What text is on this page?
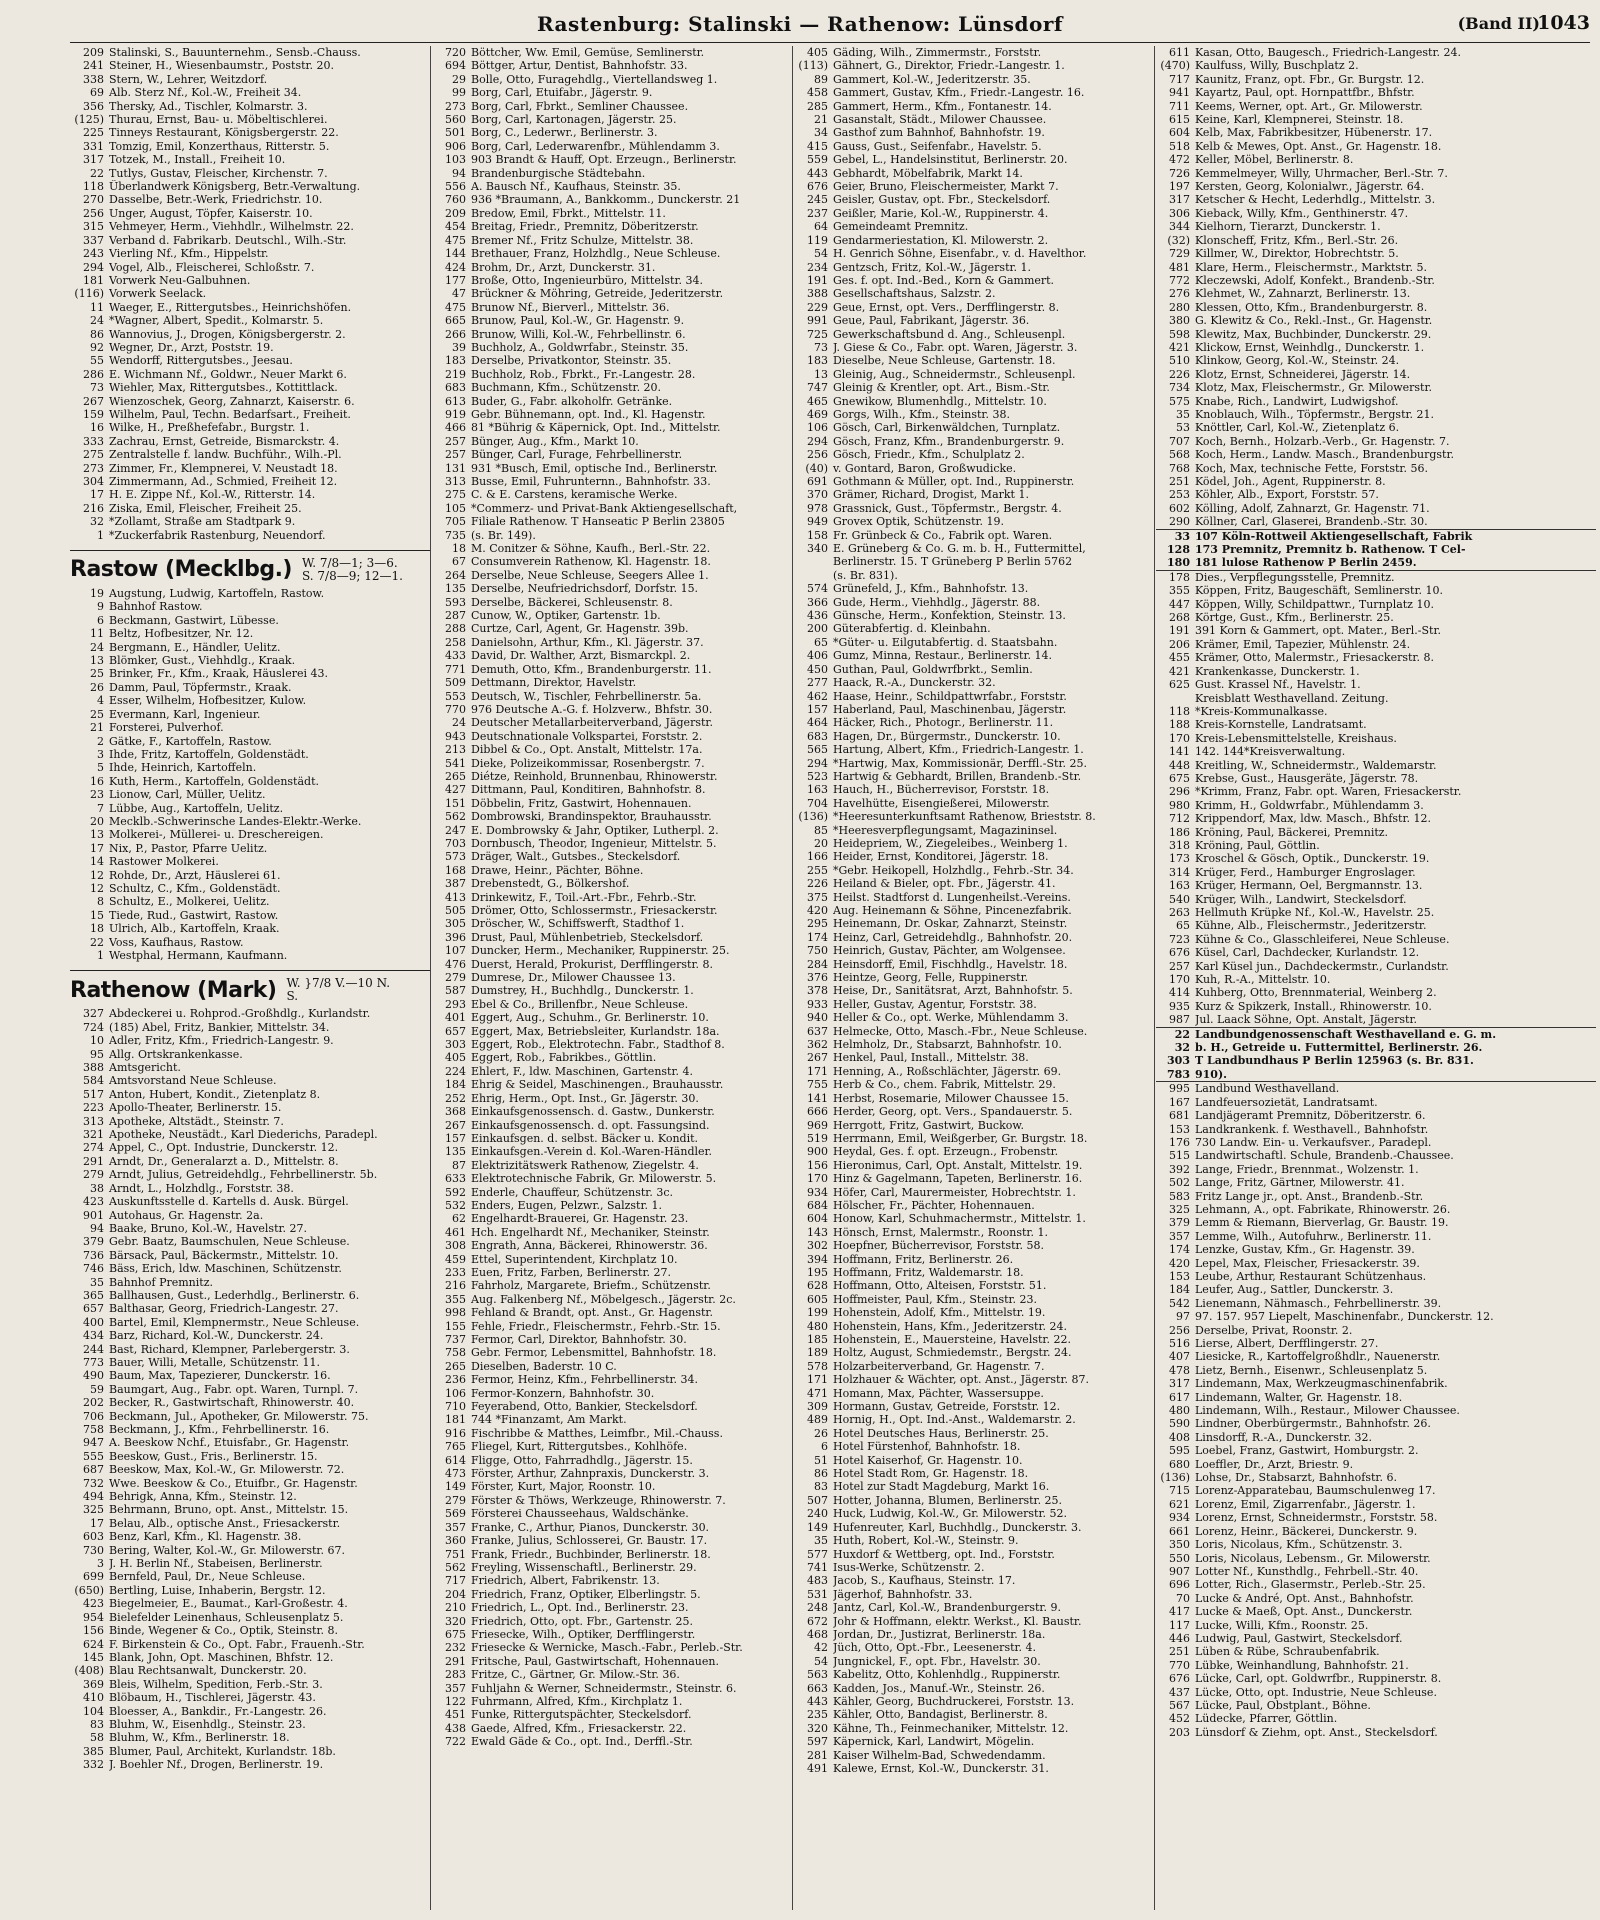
Rastenburg: Stalinski — Rathenow: Lünsdorf	(Band II)
1043
209 Stalinski, S., Bauunternehm., Sensb.-Chauss.
241 Steiner, H., Wiesenbaumstr., Poststr. 20.
338 Stern, W., Lehrer, Weitzdorf.
69 Alb. Sterz Nf., Kol.-W., Freiheit 34.
356 Thersky, Ad., Tischler, Kolmarstr. 3.
(125) Thurau, Ernst, Bau- u. Möbeltischlerei.
225 Tinneys Restaurant, Königsbergerstr. 22.
331 Tomzig, Emil, Konzerthaus, Ritterstr. 5.
317 Totzek, M., Install., Freiheit 10.
22 Tutlys, Gustav, Fleischer, Kirchenstr. 7.
118 Überlandwerk Königsberg, Betr.-Verwaltung.
270 Dasselbe, Betr.-Werk, Friedrichstr. 10.
256 Unger, August, Töpfer, Kaiserstr. 10.
315 Vehmeyer, Herm., Viehhdlr., Wilhelmstr. 22.
337 Verband d. Fabrikarb. Deutschl., Wilh.-Str.
243 Vierling Nf., Kfm., Hippelstr.
294 Vogel, Alb., Fleischerei, Schloßstr. 7.
181 Vorwerk Neu-Galbuhnen.
(116) Vorwerk Seelack.
11 Waeger, E., Rittergutsbes., Heinrichshöfen.
24 *Wagner, Albert, Spedit., Kolmarstr. 5.
86 Wannovius, J., Drogen, Königsbergerstr. 2.
92 Wegner, Dr., Arzt, Poststr. 19.
55 Wendorff, Rittergutsbes., Jeesau.
286 E. Wichmann Nf., Goldwr., Neuer Markt 6.
73 Wiehler, Max, Rittergutsbes., Kottittlack.
267 Wienzoschek, Georg, Zahnarzt, Kaiserstr. 6.
159 Wilhelm, Paul, Techn. Bedarfsart., Freiheit.
16 Wilke, H., Preßhefefabr., Burgstr. 1.
333 Zachrau, Ernst, Getreide, Bismarckstr. 4.
275 Zentralstelle f. landw. Buchführ., Wilh.-Pl.
273 Zimmer, Fr., Klempnerei, V. Neustadt 18.
304 Zimmermann, Ad., Schmied, Freiheit 12.
17 H. E. Zippe Nf., Kol.-W., Ritterstr. 14.
216 Ziska, Emil, Fleischer, Freiheit 25.
32 *Zollamt, Straße am Stadtpark 9.
1 *Zuckerfabrik Rastenburg, Neuendorf.
Rastow (Mecklbg.) W. 7/8—1; 3—6.
S. 7/8—9; 12—1.
19 Augstung, Ludwig, Kartoffeln, Rastow.
9 Bahnhof Rastow.
6 Beckmann, Gastwirt, Lübesse.
11 Beltz, Hofbesitzer, Nr. 12.
24 Bergmann, E., Händler, Uelitz.
13 Blömker, Gust., Viehhdlg., Kraak.
25 Brinker, Fr., Kfm., Kraak, Häuslerei 43.
26 Damm, Paul, Töpfermstr., Kraak.
4 Esser, Wilhelm, Hofbesitzer, Kulow.
25 Evermann, Karl, Ingenieur.
21 Forsterei, Pulverhof.
2 Gätke, F., Kartoffeln, Rastow.
3 Ihde, Fritz, Kartoffeln, Goldenstädt.
5 Ihde, Heinrich, Kartoffeln.
16 Kuth, Herm., Kartoffeln, Goldenstädt.
23 Lionow, Carl, Müller, Uelitz.
7 Lübbe, Aug., Kartoffeln, Uelitz.
20 Mecklb.-Schwerinsche Landes-Elektr.-Werke.
13 Molkerei-, Müllerei- u. Dreschereigen.
17 Nix, P., Pastor, Pfarre Uelitz.
14 Rastower Molkerei.
12 Rohde, Dr., Arzt, Häuslerei 61.
12 Schultz, C., Kfm., Goldenstädt.
8 Schultz, E., Molkerei, Uelitz.
15 Tiede, Rud., Gastwirt, Rastow.
18 Ulrich, Alb., Kartoffeln, Kraak.
22 Voss, Kaufhaus, Rastow.
1 Westphal, Hermann, Kaufmann.
Rathenow (Mark) W. }7/8 V.—10 N.
S.
327 Abdeckerei u. Rohprod.-Großhdlg., Kurlandstr.
724 (185) Abel, Fritz, Bankier, Mittelstr. 34.
10 Adler, Fritz, Kfm., Friedrich-Langestr. 9.
95 Allg. Ortskrankenkasse.
388 Amtsgericht.
584 Amtsvorstand Neue Schleuse.
517 Anton, Hubert, Kondit., Zietenplatz 8.
223 Apollo-Theater, Berlinerstr. 15.
313 Apotheke, Altstädt., Steinstr. 7.
321 Apotheke, Neustädt., Karl Diederichs, Paradepl.
274 Appel, C., Opt. Industrie, Dunckerstr. 12.
291 Arndt, Dr., Generalarzt a. D., Mittelstr. 8.
279 Arndt, Julius, Getreidehdlg., Fehrbellinerstr. 5b.
38 Arndt, L., Holzhdlg., Forststr. 38.
423 Auskunftsstelle d. Kartells d. Ausk. Bürgel.
901 Autohaus, Gr. Hagenstr. 2a.
94 Baake, Bruno, Kol.-W., Havelstr. 27.
379 Gebr. Baatz, Baumschulen, Neue Schleuse.
736 Bärsack, Paul, Bäckermstr., Mittelstr. 10.
746 Bäss, Erich, ldw. Maschinen, Schützenstr.
35 Bahnhof Premnitz.
365 Ballhausen, Gust., Lederhdlg., Berlinerstr. 6.
657 Balthasar, Georg, Friedrich-Langestr. 27.
400 Bartel, Emil, Klempnermstr., Neue Schleuse.
434 Barz, Richard, Kol.-W., Dunckerstr. 24.
244 Bast, Richard, Klempner, Parlebergerstr. 3.
773 Bauer, Willi, Metalle, Schützenstr. 11.
490 Baum, Max, Tapezierer, Dunckerstr. 16.
59 Baumgart, Aug., Fabr. opt. Waren, Turnpl. 7.
202 Becker, R., Gastwirtschaft, Rhinowerstr. 40.
706 Beckmann, Jul., Apotheker, Gr. Milowerstr. 75.
758 Beckmann, J., Kfm., Fehrbellinerstr. 16.
947 A. Beeskow Nchf., Etuisfabr., Gr. Hagenstr.
555 Beeskow, Gust., Fris., Berlinerstr. 15.
687 Beeskow, Max, Kol.-W., Gr. Milowerstr. 72.
732 Wwe. Beeskow & Co., Etuifbr., Gr. Hagenstr.
494 Behrigk, Anna, Kfm., Steinstr. 12.
325 Behrmann, Bruno, opt. Anst., Mittelstr. 15.
17 Belau, Alb., optische Anst., Friesackerstr.
603 Benz, Karl, Kfm., Kl. Hagenstr. 38.
730 Bering, Walter, Kol.-W., Gr. Milowerstr. 67.
3 J. H. Berlin Nf., Stabeisen, Berlinerstr.
699 Bernfeld, Paul, Dr., Neue Schleuse.
(650) Bertling, Luise, Inhaberin, Bergstr. 12.
423 Biegelmeier, E., Baumat., Karl-Großestr. 4.
954 Bielefelder Leinenhaus, Schleusenplatz 5.
156 Binde, Wegener & Co., Optik, Steinstr. 8.
624 F. Birkenstein & Co., Opt. Fabr., Frauenh.-Str.
145 Blank, John, Opt. Maschinen, Bhfstr. 12.
(408) Blau Rechtsanwalt, Dunckerstr. 20.
369 Bleis, Wilhelm, Spedition, Ferb.-Str. 3.
410 Blöbaum, H., Tischlerei, Jägerstr. 43.
104 Bloesser, A., Bankdir., Fr.-Langestr. 26.
83 Bluhm, W., Eisenhdlg., Steinstr. 23.
58 Bluhm, W., Kfm., Berlinerstr. 18.
385 Blumer, Paul, Architekt, Kurlandstr. 18b.
332 J. Boehler Nf., Drogen, Berlinerstr. 19.
720 Böttcher, Ww. Emil, Gemüse, Semlinerstr.
694 Böttger, Artur, Dentist, Bahnhofstr. 33.
29 Bolle, Otto, Furagehdlg., Viertellandsweg 1.
99 Borg, Carl, Etuifabr., Jägerstr. 9.
273 Borg, Carl, Fbrkt., Semliner Chaussee.
560 Borg, Carl, Kartonagen, Jägerstr. 25.
501 Borg, C., Lederwr., Berlinerstr. 3.
906 Borg, Carl, Lederwarenfbr., Mühlendamm 3.
103 903 Brandt & Hauff, Opt. Erzeugn., Berlinerstr.
94 Brandenburgische Städtebahn.
556 A. Bausch Nf., Kaufhaus, Steinstr. 35.
760 936 *Braumann, A., Bankkomm., Dunckerstr. 21
209 Bredow, Emil, Fbrkt., Mittelstr. 11.
454 Breitag, Friedr., Premnitz, Döberitzerstr.
475 Bremer Nf., Fritz Schulze, Mittelstr. 38.
144 Brethauer, Franz, Holzhdlg., Neue Schleuse.
424 Brohm, Dr., Arzt, Dunckerstr. 31.
177 Broße, Otto, Ingenieurbüro, Mittelstr. 34.
47 Brückner & Möhring, Getreide, Jederitzerstr.
475 Brunow Nf., Bierverl., Mittelstr. 36.
665 Brunow, Paul, Kol.-W., Gr. Hagenstr. 9.
266 Brunow, Willi, Kol.-W., Fehrbellinstr. 6.
39 Buchholz, A., Goldwrfabr., Steinstr. 35.
183 Derselbe, Privatkontor, Steinstr. 35.
219 Buchholz, Rob., Fbrkt., Fr.-Langestr. 28.
683 Buchmann, Kfm., Schützenstr. 20.
613 Buder, G., Fabr. alkoholfr. Getränke.
919 Gebr. Bühnemann, opt. Ind., Kl. Hagenstr.
466 81 *Bührig & Käpernick, Opt. Ind., Mittelstr.
257 Bünger, Aug., Kfm., Markt 10.
257 Bünger, Carl, Furage, Fehrbellinerstr.
131 931 *Busch, Emil, optische Ind., Berlinerstr.
313 Busse, Emil, Fuhrunternn., Bahnhofstr. 33.
275 C. & E. Carstens, keramische Werke.
105 *Commerz- und Privat-Bank Aktiengesellschaft,
705 Filiale Rathenow. T Hanseatic P Berlin 23805
735 (s. Br. 149).
18 M. Conitzer & Söhne, Kaufh., Berl.-Str. 22.
67 Consumverein Rathenow, Kl. Hagenstr. 18.
264 Derselbe, Neue Schleuse, Seegers Allee 1.
135 Derselbe, Neufriedrichsdorf, Dorfstr. 15.
593 Derselbe, Bäckerei, Schleusenstr. 8.
287 Cunow, W., Optiker, Gartenstr. 1b.
288 Curtze, Carl, Agent, Gr. Hagenstr. 39b.
258 Danielsohn, Arthur, Kfm., Kl. Jägerstr. 37.
433 David, Dr. Walther, Arzt, Bismarckpl. 2.
771 Demuth, Otto, Kfm., Brandenburgerstr. 11.
509 Dettmann, Direktor, Havelstr.
553 Deutsch, W., Tischler, Fehrbellinerstr. 5a.
770 976 Deutsche A.-G. f. Holzverw., Bhfstr. 30.
24 Deutscher Metallarbeiterverband, Jägerstr.
943 Deutschnationale Volkspartei, Forststr. 2.
213 Dibbel & Co., Opt. Anstalt, Mittelstr. 17a.
541 Dieke, Polizeikommissar, Rosenbergstr. 7.
265 Diétze, Reinhold, Brunnenbau, Rhinowerstr.
427 Dittmann, Paul, Konditiren, Bahnhofstr. 8.
151 Döbbelin, Fritz, Gastwirt, Hohennauen.
562 Dombrowski, Brandinspektor, Brauhausstr.
247 E. Dombrowsky & Jahr, Optiker, Lutherpl. 2.
703 Dornbusch, Theodor, Ingenieur, Mittelstr. 5.
573 Dräger, Walt., Gutsbes., Steckelsdorf.
168 Drawe, Heinr., Pächter, Böhne.
387 Drebenstedt, G., Bölkershof.
413 Drinkewitz, F., Toil.-Art.-Fbr., Fehrb.-Str.
505 Drömer, Otto, Schlossermstr., Friesackerstr.
305 Dröscher, W., Schiffswerft, Stadthof 1.
396 Drust, Paul, Mühlenbetrieb, Steckelsdorf.
107 Duncker, Herm., Mechaniker, Ruppinerstr. 25.
476 Duerst, Herald, Prokurist, Derfflingerstr. 8.
279 Dumrese, Dr., Milower Chaussee 13.
587 Dumstrey, H., Buchhdlg., Dunckerstr. 1.
293 Ebel & Co., Brillenfbr., Neue Schleuse.
401 Eggert, Aug., Schuhm., Gr. Berlinerstr. 10.
657 Eggert, Max, Betriebsleiter, Kurlandstr. 18a.
303 Eggert, Rob., Elektrotechn. Fabr., Stadthof 8.
405 Eggert, Rob., Fabrikbes., Göttlin.
224 Ehlert, F., ldw. Maschinen, Gartenstr. 4.
184 Ehrig & Seidel, Maschinengen., Brauhausstr.
252 Ehrig, Herm., Opt. Inst., Gr. Jägerstr. 30.
368 Einkaufsgenossensch. d. Gastw., Dunkerstr.
267 Einkaufsgenossensch. d. opt. Fassungsind.
157 Einkaufsgen. d. selbst. Bäcker u. Kondit.
135 Einkaufsgen.-Verein d. Kol.-Waren-Händler.
87 Elektrizitätswerk Rathenow, Ziegelstr. 4.
633 Elektrotechnische Fabrik, Gr. Milowerstr. 5.
592 Enderle, Chauffeur, Schützenstr. 3c.
532 Enders, Eugen, Pelzwr., Salzstr. 1.
62 Engelhardt-Brauerei, Gr. Hagenstr. 23.
461 Hch. Engelhardt Nf., Mechaniker, Steinstr.
308 Engrath, Anna, Bäckerei, Rhinowerstr. 36.
459 Ettel, Superintendent, Kirchplatz 10.
233 Euen, Fritz, Farben, Berlinerstr. 27.
216 Fahrholz, Margarete, Briefm., Schützenstr.
355 Aug. Falkenberg Nf., Möbelgesch., Jägerstr. 2c.
998 Fehland & Brandt, opt. Anst., Gr. Hagenstr.
155 Fehle, Friedr., Fleischermstr., Fehrb.-Str. 15.
737 Fermor, Carl, Direktor, Bahnhofstr. 30.
758 Gebr. Fermor, Lebensmittel, Bahnhofstr. 18.
265 Dieselben, Baderstr. 10 C.
236 Fermor, Heinz, Kfm., Fehrbellinerstr. 34.
106 Fermor-Konzern, Bahnhofstr. 30.
710 Feyerabend, Otto, Bankier, Steckelsdorf.
181 744 *Finanzamt, Am Markt.
916 Fischribbe & Matthes, Leimfbr., Mil.-Chauss.
765 Fliegel, Kurt, Rittergutsbes., Kohlhöfe.
614 Fligge, Otto, Fahrradhdlg., Jägerstr. 15.
473 Förster, Arthur, Zahnpraxis, Dunckerstr. 3.
149 Förster, Kurt, Major, Roonstr. 10.
279 Förster & Thöws, Werkzeuge, Rhinowerstr. 7.
569 Försterei Chausseehaus, Waldschänke.
357 Franke, C., Arthur, Pianos, Dunckerstr. 30.
360 Franke, Julius, Schlosserei, Gr. Baustr. 17.
751 Frank, Friedr., Buchbinder, Berlinerstr. 18.
562 Freyling, Wissenschaftl., Berlinerstr. 29.
717 Friedrich, Albert, Fabrikenstr. 13.
204 Friedrich, Franz, Optiker, Elberlingstr. 5.
210 Friedrich, L., Opt. Ind., Berlinerstr. 23.
320 Friedrich, Otto, opt. Fbr., Gartenstr. 25.
675 Friesecke, Wilh., Optiker, Derfflingerstr.
232 Friesecke & Wernicke, Masch.-Fabr., Perleb.-Str.
291 Fritsche, Paul, Gastwirtschaft, Hohennauen.
283 Fritze, C., Gärtner, Gr. Milow.-Str. 36.
357 Fuhljahn & Werner, Schneidermstr., Steinstr. 6.
122 Fuhrmann, Alfred, Kfm., Kirchplatz 1.
451 Funke, Rittergutspächter, Steckelsdorf.
438 Gaede, Alfred, Kfm., Friesackerstr. 22.
722 Ewald Gäde & Co., opt. Ind., Derffl.-Str.
405 Gäding, Wilh., Zimmermstr., Forststr.
(113) Gähnert, G., Direktor, Friedr.-Langestr. 1.
89 Gammert, Kol.-W., Jederitzerstr. 35.
458 Gammert, Gustav, Kfm., Friedr.-Langestr. 16.
285 Gammert, Herm., Kfm., Fontanestr. 14.
21 Gasanstalt, Städt., Milower Chaussee.
34 Gasthof zum Bahnhof, Bahnhofstr. 19.
415 Gauss, Gust., Seifenfabr., Havelstr. 5.
559 Gebel, L., Handelsinstitut, Berlinerstr. 20.
443 Gebhardt, Möbelfabrik, Markt 14.
676 Geier, Bruno, Fleischermeister, Markt 7.
245 Geisler, Gustav, opt. Fbr., Steckelsdorf.
237 Geißler, Marie, Kol.-W., Ruppinerstr. 4.
64 Gemeindeamt Premnitz.
119 Gendarmeriestation, Kl. Milowerstr. 2.
54 H. Genrich Söhne, Eisenfabr., v. d. Havelthor.
234 Gentzsch, Fritz, Kol.-W., Jägerstr. 1.
191 Ges. f. opt. Ind.-Bed., Korn & Gammert.
388 Gesellschaftshaus, Salzstr. 2.
229 Geue, Ernst, opt. Vers., Derfflingerstr. 8.
991 Geue, Paul, Fabrikant, Jägerstr. 36.
725 Gewerkschaftsbund d. Ang., Schleusenpl.
73 J. Giese & Co., Fabr. opt. Waren, Jägerstr. 3.
183 Dieselbe, Neue Schleuse, Gartenstr. 18.
13 Gleinig, Aug., Schneidermstr., Schleusenpl.
747 Gleinig & Krentler, opt. Art., Bism.-Str.
465 Gnewikow, Blumenhdlg., Mittelstr. 10.
469 Gorgs, Wilh., Kfm., Steinstr. 38.
106 Gösch, Carl, Birkenwäldchen, Turnplatz.
294 Gösch, Franz, Kfm., Brandenburgerstr. 9.
256 Gösch, Friedr., Kfm., Schulplatz 2.
(40) v. Gontard, Baron, Großwudicke.
691 Gothmann & Müller, opt. Ind., Ruppinerstr.
370 Grämer, Richard, Drogist, Markt 1.
978 Grassnick, Gust., Töpfermstr., Bergstr. 4.
949 Grovex Optik, Schützenstr. 19.
158 Fr. Grünbeck & Co., Fabrik opt. Waren.
340 E. Grüneberg & Co. G. m. b. H., Futtermittel,
Berlinerstr. 15. T Grüneberg P Berlin 5762
(s. Br. 831).
574 Grünefeld, J., Kfm., Bahnhofstr. 13.
366 Gude, Herm., Viehhdlg., Jägerstr. 88.
436 Günsche, Herm., Konfektion, Steinstr. 13.
200 Güterabfertig. d. Kleinbahn.
65 *Güter- u. Eilgutabfertig. d. Staatsbahn.
406 Gumz, Minna, Restaur., Berlinerstr. 14.
450 Guthan, Paul, Goldwrfbrkt., Semlin.
277 Haack, R.-A., Dunckerstr. 32.
462 Haase, Heinr., Schildpattwrfabr., Forststr.
157 Haberland, Paul, Maschinenbau, Jägerstr.
464 Häcker, Rich., Photogr., Berlinerstr. 11.
683 Hagen, Dr., Bürgermstr., Dunckerstr. 10.
565 Hartung, Albert, Kfm., Friedrich-Langestr. 1.
294 *Hartwig, Max, Kommissionär, Derffl.-Str. 25.
523 Hartwig & Gebhardt, Brillen, Brandenb.-Str.
163 Hauch, H., Bücherrevisor, Forststr. 18.
704 Havelhütte, Eisengießerei, Milowerstr.
(136) *Heeresunterkunftsamt Rathenow, Brieststr. 8.
85 *Heeresverpflegungsamt, Magazininsel.
20 Heidepriem, W., Ziegeleibes., Weinberg 1.
166 Heider, Ernst, Konditorei, Jägerstr. 18.
255 *Gebr. Heikopell, Holzhdlg., Fehrb.-Str. 34.
226 Heiland & Bieler, opt. Fbr., Jägerstr. 41.
375 Heilst. Stadtforst d. Lungenheilst.-Vereins.
420 Aug. Heinemann & Söhne, Pincenezfabrik.
295 Heinemann, Dr. Oskar, Zahnarzt, Steinstr.
174 Heinz, Carl, Getreidehdlg., Bahnhofstr. 20.
750 Heinrich, Gustav, Pächter, am Wolgensee.
284 Heinsdorff, Emil, Fischhdlg., Havelstr. 18.
376 Heintze, Georg, Felle, Ruppinerstr.
378 Heise, Dr., Sanitätsrat, Arzt, Bahnhofstr. 5.
933 Heller, Gustav, Agentur, Forststr. 38.
940 Heller & Co., opt. Werke, Mühlendamm 3.
637 Helmecke, Otto, Masch.-Fbr., Neue Schleuse.
362 Helmholz, Dr., Stabsarzt, Bahnhofstr. 10.
267 Henkel, Paul, Install., Mittelstr. 38.
171 Henning, A., Roßschlächter, Jägerstr. 69.
755 Herb & Co., chem. Fabrik, Mittelstr. 29.
141 Herbst, Rosemarie, Milower Chaussee 15.
666 Herder, Georg, opt. Vers., Spandauerstr. 5.
969 Herrgott, Fritz, Gastwirt, Buckow.
519 Herrmann, Emil, Weißgerber, Gr. Burgstr. 18.
900 Heydal, Ges. f. opt. Erzeugn., Frobenstr.
156 Hieronimus, Carl, Opt. Anstalt, Mittelstr. 19.
170 Hinz & Gagelmann, Tapeten, Berlinerstr. 16.
934 Höfer, Carl, Maurermeister, Hobrechtstr. 1.
684 Hölscher, Fr., Pächter, Hohennauen.
604 Honow, Karl, Schuhmachermstr., Mittelstr. 1.
143 Hönsch, Ernst, Malermstr., Roonstr. 1.
302 Hoepfner, Bücherrevisor, Forststr. 58.
394 Hoffmann, Fritz, Berlinerstr. 26.
195 Hoffmann, Fritz, Waldemarstr. 18.
628 Hoffmann, Otto, Alteisen, Forststr. 51.
605 Hoffmeister, Paul, Kfm., Steinstr. 23.
199 Hohenstein, Adolf, Kfm., Mittelstr. 19.
480 Hohenstein, Hans, Kfm., Jederitzerstr. 24.
185 Hohenstein, E., Mauersteine, Havelstr. 22.
189 Holtz, August, Schmiedemstr., Bergstr. 24.
578 Holzarbeiterverband, Gr. Hagenstr. 7.
171 Holzhauer & Wächter, opt. Anst., Jägerstr. 87.
471 Homann, Max, Pächter, Wassersuppe.
309 Hormann, Gustav, Getreide, Forststr. 12.
489 Hornig, H., Opt. Ind.-Anst., Waldemarstr. 2.
26 Hotel Deutsches Haus, Berlinerstr. 25.
6 Hotel Fürstenhof, Bahnhofstr. 18.
51 Hotel Kaiserhof, Gr. Hagenstr. 10.
86 Hotel Stadt Rom, Gr. Hagenstr. 18.
83 Hotel zur Stadt Magdeburg, Markt 16.
507 Hotter, Johanna, Blumen, Berlinerstr. 25.
240 Huck, Ludwig, Kol.-W., Gr. Milowerstr. 52.
149 Hufenreuter, Karl, Buchhdlg., Dunckerstr. 3.
35 Huth, Robert, Kol.-W., Steinstr. 9.
577 Huxdorf & Wettberg, opt. Ind., Forststr.
741 Isus-Werke, Schützenstr. 2.
483 Jacob, S., Kaufhaus, Steinstr. 17.
531 Jägerhof, Bahnhofstr. 33.
248 Jantz, Carl, Kol.-W., Brandenburgerstr. 9.
672 Johr & Hoffmann, elektr. Werkst., Kl. Baustr.
468 Jordan, Dr., Justizrat, Berlinerstr. 18a.
42 Jüch, Otto, Opt.-Fbr., Leesenerstr. 4.
54 Jungnickel, F., opt. Fbr., Havelstr. 30.
563 Kabelitz, Otto, Kohlenhdlg., Ruppinerstr.
663 Kadden, Jos., Manuf.-Wr., Steinstr. 26.
443 Kähler, Georg, Buchdruckerei, Forststr. 13.
235 Kähler, Otto, Bandagist, Berlinerstr. 8.
320 Kähne, Th., Feinmechaniker, Mittelstr. 12.
597 Käpernick, Karl, Landwirt, Mögelin.
281 Kaiser Wilhelm-Bad, Schwedendamm.
491 Kalewe, Ernst, Kol.-W., Dunckerstr. 31.
611 Kasan, Otto, Baugesch., Friedrich-Langestr. 24.
(470) Kaulfuss, Willy, Buschplatz 2.
717 Kaunitz, Franz, opt. Fbr., Gr. Burgstr. 12.
941 Kayartz, Paul, opt. Hornpattfbr., Bhfstr.
711 Keems, Werner, opt. Art., Gr. Milowerstr.
615 Keine, Karl, Klempnerei, Steinstr. 18.
604 Kelb, Max, Fabrikbesitzer, Hübenerstr. 17.
518 Kelb & Mewes, Opt. Anst., Gr. Hagenstr. 18.
472 Keller, Möbel, Berlinerstr. 8.
726 Kemmelmeyer, Willy, Uhrmacher, Berl.-Str. 7.
197 Kersten, Georg, Kolonialwr., Jägerstr. 64.
317 Ketscher & Hecht, Lederhdlg., Mittelstr. 3.
306 Kieback, Willy, Kfm., Genthinerstr. 47.
344 Kielhorn, Tierarzt, Dunckerstr. 1.
(32) Klonscheff, Fritz, Kfm., Berl.-Str. 26.
729 Killmer, W., Direktor, Hobrechtstr. 5.
481 Klare, Herm., Fleischermstr., Marktstr. 5.
772 Kleczewski, Adolf, Konfekt., Brandenb.-Str.
276 Klehmet, W., Zahnarzt, Berlinerstr. 13.
280 Klessen, Otto, Kfm., Brandenburgerstr. 8.
380 G. Klewitz & Co., Rekl.-Inst., Gr. Hagenstr.
598 Klewitz, Max, Buchbinder, Dunckerstr. 29.
421 Klickow, Ernst, Weinhdlg., Dunckerstr. 1.
510 Klinkow, Georg, Kol.-W., Steinstr. 24.
226 Klotz, Ernst, Schneiderei, Jägerstr. 14.
734 Klotz, Max, Fleischermstr., Gr. Milowerstr.
575 Knabe, Rich., Landwirt, Ludwigshof.
35 Knoblauch, Wilh., Töpfermstr., Bergstr. 21.
53 Knöttler, Carl, Kol.-W., Zietenplatz 6.
707 Koch, Bernh., Holzarb.-Verb., Gr. Hagenstr. 7.
568 Koch, Herm., Landw. Masch., Brandenburgstr.
768 Koch, Max, technische Fette, Forststr. 56.
251 Ködel, Joh., Agent, Ruppinerstr. 8.
253 Köhler, Alb., Export, Forststr. 57.
602 Kölling, Adolf, Zahnarzt, Gr. Hagenstr. 71.
290 Köllner, Carl, Glaserei, Brandenb.-Str. 30.
33 107 Köln-Rottweil Aktiengesellschaft, Fabrik
128 173 Premnitz, Premnitz b. Rathenow. T Cel-
180 181 lulose Rathenow P Berlin 2459.
178 Dies., Verpflegungsstelle, Premnitz.
355 Köppen, Fritz, Baugeschäft, Semlinerstr. 10.
447 Köppen, Willy, Schildpattwr., Turnplatz 10.
268 Körtge, Gust., Kfm., Berlinerstr. 25.
191 391 Korn & Gammert, opt. Mater., Berl.-Str.
206 Krämer, Emil, Tapezier, Mühlenstr. 24.
455 Krämer, Otto, Malermstr., Friesackerstr. 8.
421 Krankenkasse, Dunckerstr. 1.
625 Gust. Krassel Nf., Havelstr. 1.
Kreisblatt Westhavelland. Zeitung.
118 *Kreis-Kommunalkasse.
188 Kreis-Kornstelle, Landratsamt.
170 Kreis-Lebensmittelstelle, Kreishaus.
141 142. 144*Kreisverwaltung.
448 Kreitling, W., Schneidermstr., Waldemarstr.
675 Krebse, Gust., Hausgeräte, Jägerstr. 78.
296 *Krimm, Franz, Fabr. opt. Waren, Friesackerstr.
980 Krimm, H., Goldwrfabr., Mühlendamm 3.
712 Krippendorf, Max, ldw. Masch., Bhfstr. 12.
186 Kröning, Paul, Bäckerei, Premnitz.
318 Kröning, Paul, Göttlin.
173 Kroschel & Gösch, Optik., Dunckerstr. 19.
314 Krüger, Ferd., Hamburger Engroslager.
163 Krüger, Hermann, Oel, Bergmannstr. 13.
540 Krüger, Wilh., Landwirt, Steckelsdorf.
263 Hellmuth Krüpke Nf., Kol.-W., Havelstr. 25.
65 Kühne, Alb., Fleischermstr., Jederitzerstr.
723 Kühne & Co., Glasschleiferei, Neue Schleuse.
676 Küsel, Carl, Dachdecker, Kurlandstr. 12.
257 Karl Küsel jun., Dachdeckermstr., Curlandstr.
170 Kuh, R.-A., Mittelstr. 10.
414 Kuhberg, Otto, Brennmaterial, Weinberg 2.
935 Kurz & Spikzerk, Install., Rhinowerstr. 10.
987 Jul. Laack Söhne, Opt. Anstalt, Jägerstr.
22 Landbundgenossenschaft Westhavelland e. G. m.
32 b. H., Getreide u. Futtermittel, Berlinerstr. 26.
303 T Landbundhaus P Berlin 125963 (s. Br. 831.
783 910).
995 Landbund Westhavelland.
167 Landfeuersozietät, Landratsamt.
681 Landjägeramt Premnitz, Döberitzerstr. 6.
153 Landkrankenk. f. Westhavell., Bahnhofstr.
176 730 Landw. Ein- u. Verkaufsver., Paradepl.
515 Landwirtschaftl. Schule, Brandenb.-Chaussee.
392 Lange, Friedr., Brennmat., Wolzenstr. 1.
502 Lange, Fritz, Gärtner, Milowerstr. 41.
583 Fritz Lange jr., opt. Anst., Brandenb.-Str.
325 Lehmann, A., opt. Fabrikate, Rhinowerstr. 26.
379 Lemm & Riemann, Bierverlag, Gr. Baustr. 19.
357 Lemme, Wilh., Autofuhrw., Berlinerstr. 11.
174 Lenzke, Gustav, Kfm., Gr. Hagenstr. 39.
420 Lepel, Max, Fleischer, Friesackerstr. 39.
153 Leube, Arthur, Restaurant Schützenhaus.
184 Leufer, Aug., Sattler, Dunckerstr. 3.
542 Lienemann, Nähmasch., Fehrbellinerstr. 39.
97 97. 157. 957 Liepelt, Maschinenfabr., Dunckerstr. 12.
256 Derselbe, Privat, Roonstr. 2.
516 Lierse, Albert, Derfflingerstr. 27.
407 Liesicke, R., Kartoffelgroßhdlr., Nauenerstr.
478 Lietz, Bernh., Eisenwr., Schleusenplatz 5.
317 Lindemann, Max, Werkzeugmaschinenfabrik.
617 Lindemann, Walter, Gr. Hagenstr. 18.
480 Lindemann, Wilh., Restaur., Milower Chaussee.
590 Lindner, Oberbürgermstr., Bahnhofstr. 26.
408 Linsdorff, R.-A., Dunckerstr. 32.
595 Loebel, Franz, Gastwirt, Homburgstr. 2.
680 Loeffler, Dr., Arzt, Briestr. 9.
(136) Lohse, Dr., Stabsarzt, Bahnhofstr. 6.
715 Lorenz-Apparatebau, Baumschulenweg 17.
621 Lorenz, Emil, Zigarrenfabr., Jägerstr. 1.
934 Lorenz, Ernst, Schneidermstr., Forststr. 58.
661 Lorenz, Heinr., Bäckerei, Dunckerstr. 9.
350 Loris, Nicolaus, Kfm., Schützenstr. 3.
550 Loris, Nicolaus, Lebensm., Gr. Milowerstr.
907 Lotter Nf., Kunsthdlg., Fehrbell.-Str. 40.
696 Lotter, Rich., Glasermstr., Perleb.-Str. 25.
70 Lucke & André, Opt. Anst., Bahnhofstr.
417 Lucke & Maeß, Opt. Anst., Dunckerstr.
117 Lucke, Willi, Kfm., Roonstr. 25.
446 Ludwig, Paul, Gastwirt, Steckelsdorf.
251 Lüben & Rübe, Schraubenfabrik.
770 Lübke, Weinhandlung, Bahnhofstr. 21.
676 Lücke, Carl, opt. Goldwrfbr., Ruppinerstr. 8.
437 Lücke, Otto, opt. Industrie, Neue Schleuse.
567 Lücke, Paul, Obstplant., Böhne.
452 Lüdecke, Pfarrer, Göttlin.
203 Lünsdorf & Ziehm, opt. Anst., Steckelsdorf.
